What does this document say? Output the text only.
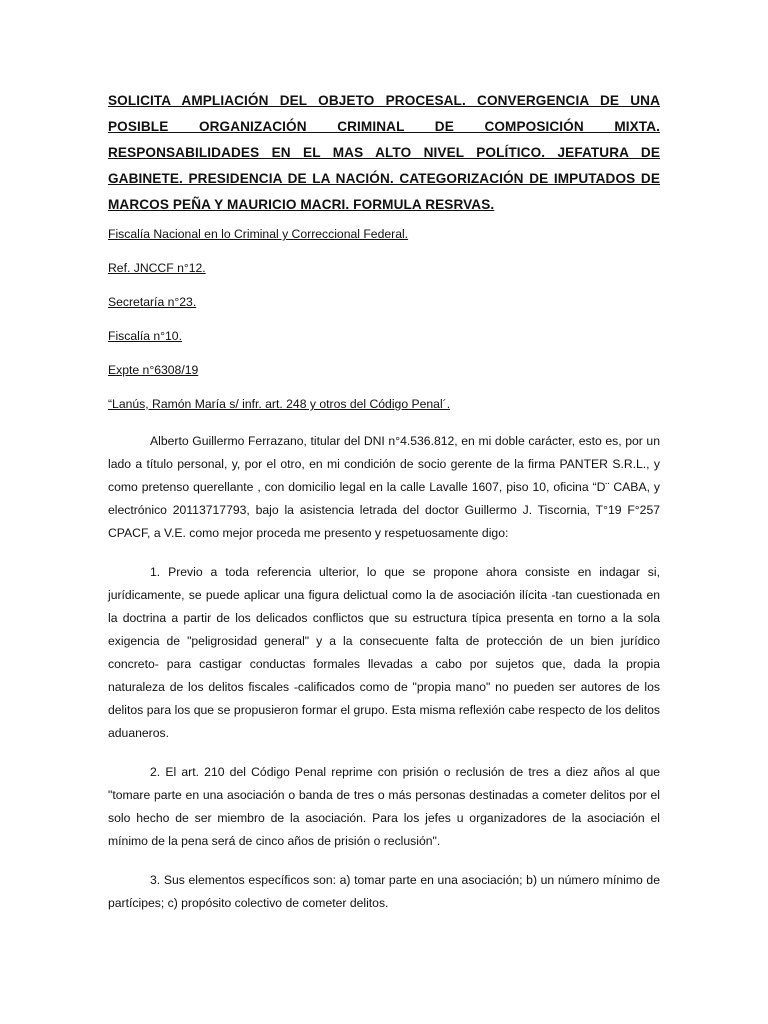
SOLICITA AMPLIACIÓN DEL OBJETO PROCESAL. CONVERGENCIA DE UNA POSIBLE ORGANIZACIÓN CRIMINAL DE COMPOSICIÓN MIXTA. RESPONSABILIDADES EN EL MAS ALTO NIVEL POLÍTICO. JEFATURA DE GABINETE. PRESIDENCIA DE LA NACIÓN. CATEGORIZACIÓN DE IMPUTADOS DE MARCOS PEÑA Y MAURICIO MACRI. FORMULA RESRVAS.

Fiscalía Nacional en lo Criminal y Correccional Federal.

Ref. JNCCF n°12.

Secretaría n°23.

Fiscalía n°10.

Expte n°6308/19

“Lanús, Ramón María s/ infr. art. 248 y otros del Código Penal´.

Alberto Guillermo Ferrazano, titular del DNI n°4.536.812, en mi doble carácter, esto es, por un lado a título personal, y, por el otro, en mi condición de socio gerente de la firma PANTER S.R.L., y como pretenso querellante , con domicilio legal en la calle Lavalle 1607, piso 10, oficina “D¨ CABA, y electrónico 20113717793, bajo la asistencia letrada del doctor Guillermo J. Tiscornia, T°19 F°257 CPACF, a V.E. como mejor proceda me presento y respetuosamente digo:

1. Previo a toda referencia ulterior, lo que se propone ahora consiste en indagar si, jurídicamente, se puede aplicar una figura delictual como la de asociación ilícita -tan cuestionada en la doctrina a partir de los delicados conflictos que su estructura típica presenta en torno a la sola exigencia de "peligrosidad general" y a la consecuente falta de protección de un bien jurídico concreto- para castigar conductas formales llevadas a cabo por sujetos que, dada la propia naturaleza de los delitos fiscales -calificados como de "propia mano" no pueden ser autores de los delitos para los que se propusieron formar el grupo. Esta misma reflexión cabe respecto de los delitos aduaneros.

2. El art. 210 del Código Penal reprime con prisión o reclusión de tres a diez años al que "tomare parte en una asociación o banda de tres o más personas destinadas a cometer delitos por el solo hecho de ser miembro de la asociación. Para los jefes u organizadores de la asociación el mínimo de la pena será de cinco años de prisión o reclusión".

3. Sus elementos específicos son: a) tomar parte en una asociación; b) un número mínimo de partícipes; c) propósito colectivo de cometer delitos.
